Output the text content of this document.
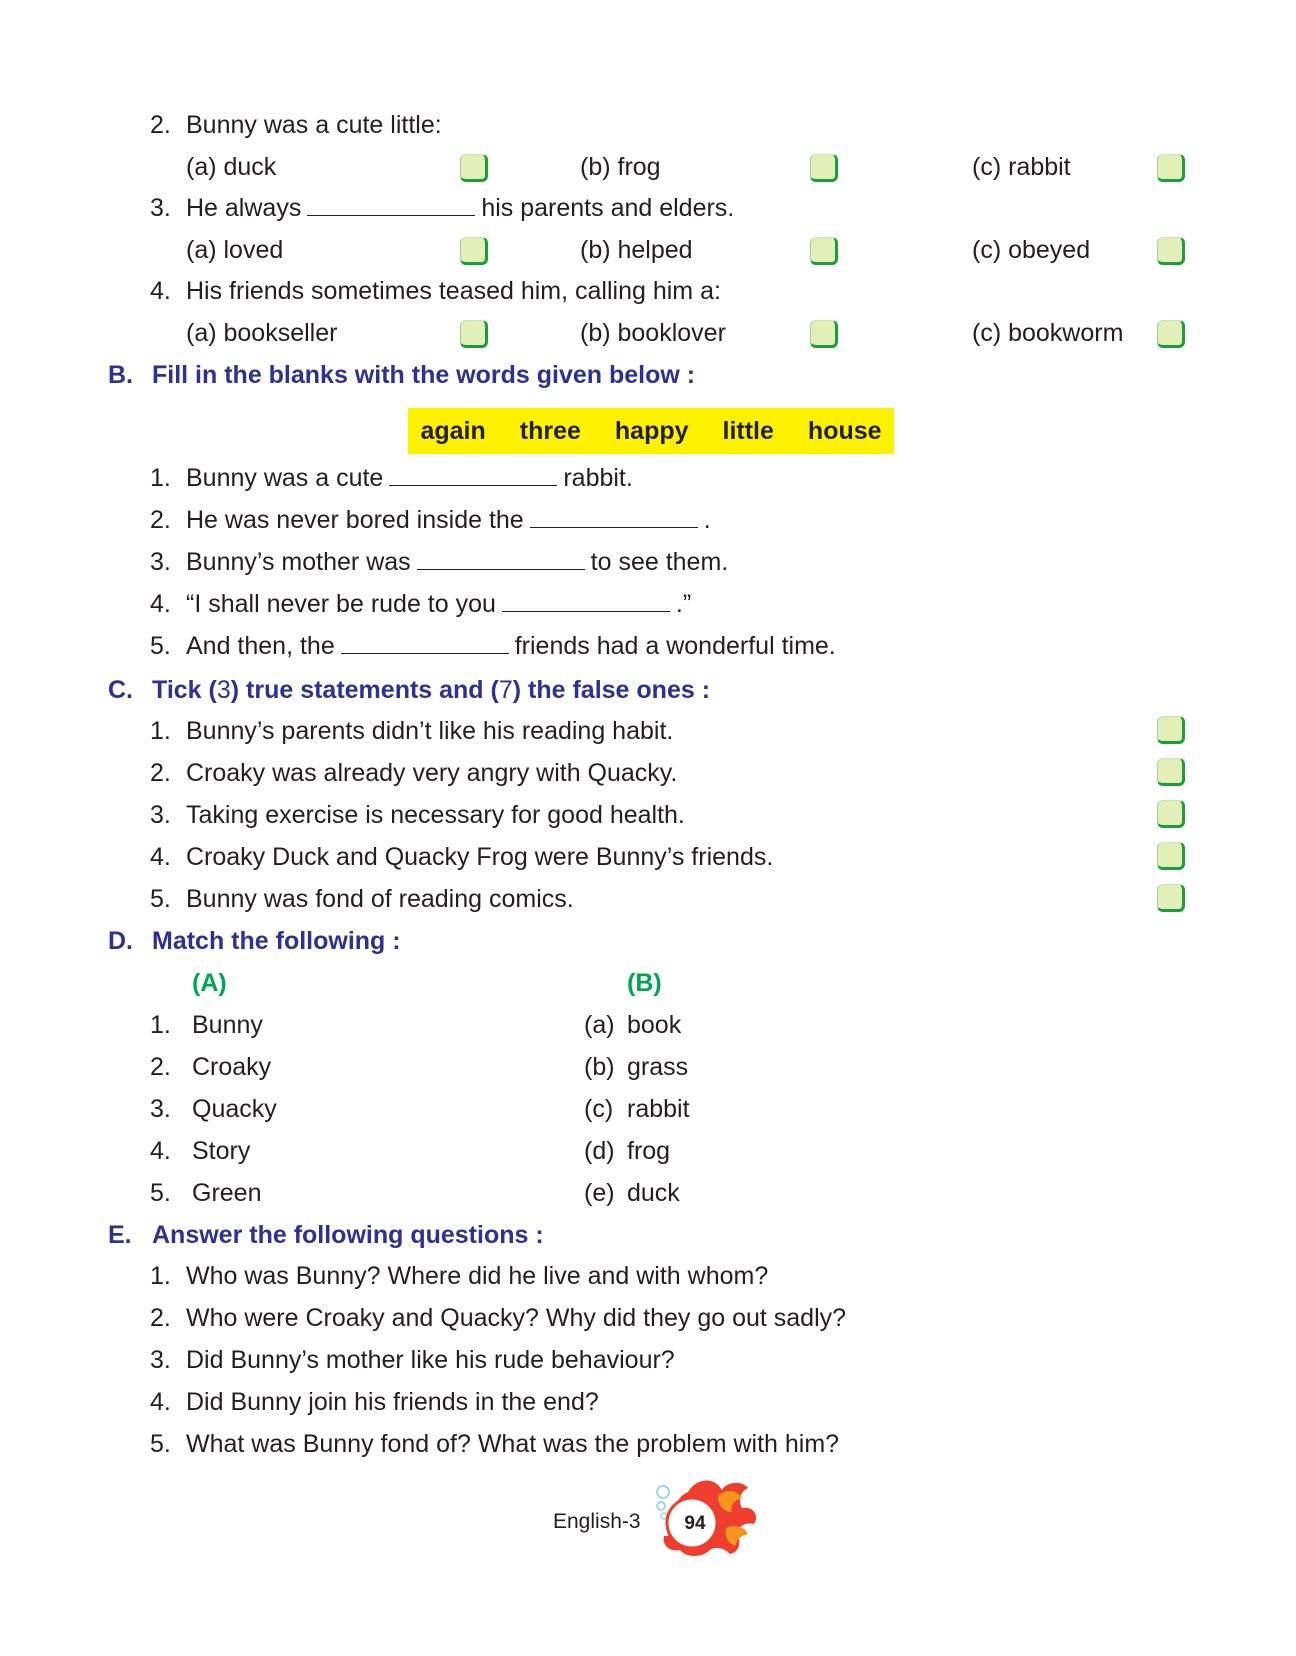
2. Bunny was a cute little:
(a) duck	(b) frog	(c) rabbit
3. He always	his parents and elders.
(a) loved	(b) helped	(c) obeyed
4. His friends sometimes teased him, calling him a:
(a) bookseller	(b) booklover	(c) bookworm
B. Fill in the blanks with the words given below :
again	three	happy	little	house
1. Bunny was a cute	rabbit.
2. He was never bored inside the	.
3. Bunny’s mother was	to see them.
4. “I shall never be rude to you	.”
5. And then, the	friends had a wonderful time.
C. Tick (3) true statements and (7) the false ones :
1. Bunny’s parents didn’t like his reading habit.
2. Croaky was already very angry with Quacky.
3. Taking exercise is necessary for good health.
4. Croaky Duck and Quacky Frog were Bunny’s friends.
5. Bunny was fond of reading comics.
D. Match the following :
(A)	(B)
1. Bunny	(a) book
2. Croaky	(b) grass
3. Quacky	(c) rabbit
4. Story	(d) frog
5. Green	(e) duck
E. Answer the following questions :
1. Who was Bunny? Where did he live and with whom?
2. Who were Croaky and Quacky? Why did they go out sadly?
3. Did Bunny’s mother like his rude behaviour?
4. Did Bunny join his friends in the end?
5. What was Bunny fond of? What was the problem with him?
English-3	94
